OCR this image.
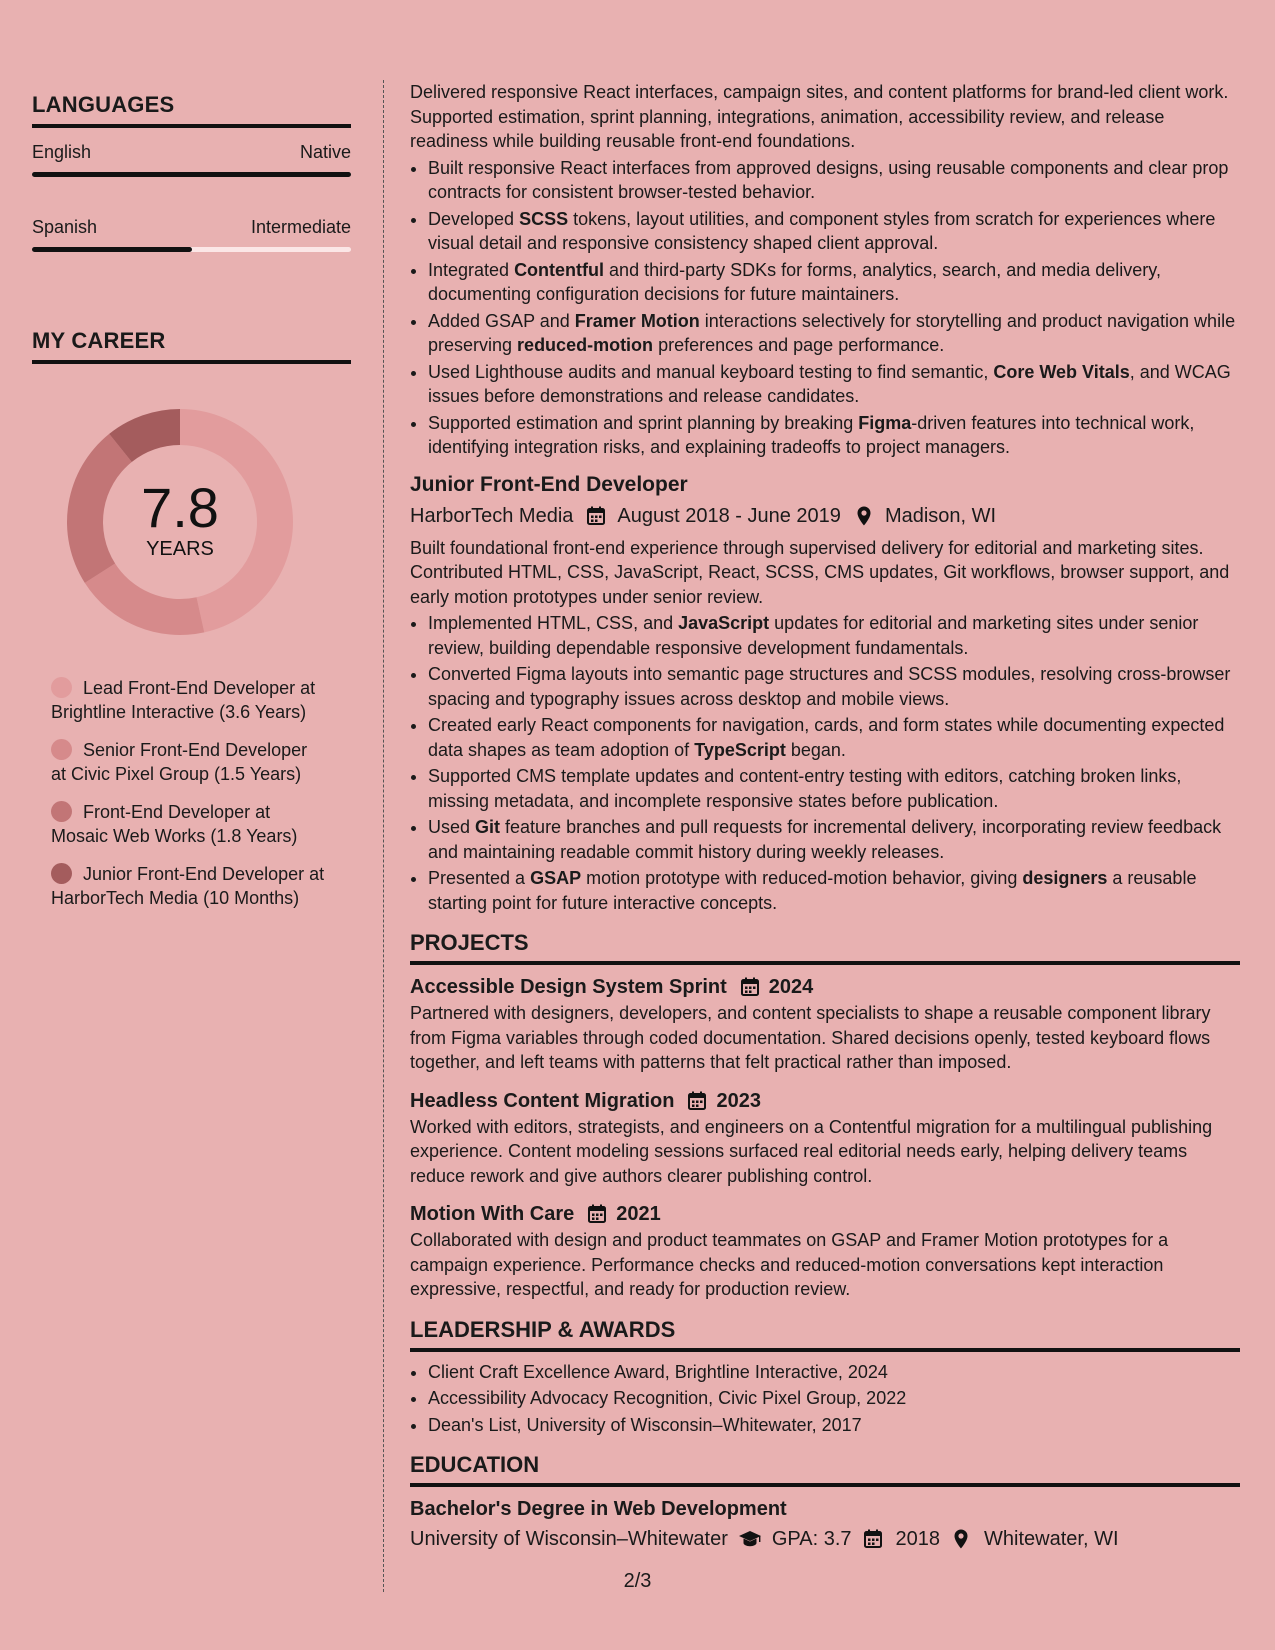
LANGUAGES
English	Native
Spanish	Intermediate
MY CAREER
7.8
YEARS
Lead Front-End Developer at Brightline Interactive (3.6 Years)
Senior Front-End Developer at Civic Pixel Group (1.5 Years)
Front-End Developer at Mosaic Web Works (1.8 Years)
Junior Front-End Developer at HarborTech Media (10 Months)

Delivered responsive React interfaces, campaign sites, and content platforms for brand-led client work. Supported estimation, sprint planning, integrations, animation, accessibility review, and release readiness while building reusable front-end foundations.

• Built responsive React interfaces from approved designs, using reusable components and clear prop contracts for consistent browser-tested behavior.
• Developed SCSS tokens, layout utilities, and component styles from scratch for experiences where visual detail and responsive consistency shaped client approval.
• Integrated Contentful and third-party SDKs for forms, analytics, search, and media delivery, documenting configuration decisions for future maintainers.
• Added GSAP and Framer Motion interactions selectively for storytelling and product navigation while preserving reduced-motion preferences and page performance.
• Used Lighthouse audits and manual keyboard testing to find semantic, Core Web Vitals, and WCAG issues before demonstrations and release candidates.
• Supported estimation and sprint planning by breaking Figma-driven features into technical work, identifying integration risks, and explaining tradeoffs to project managers.
Junior Front-End Developer
HarborTech Media August 2018 - June 2019 Madison, WI

Built foundational front-end experience through supervised delivery for editorial and marketing sites. Contributed HTML, CSS, JavaScript, React, SCSS, CMS updates, Git workflows, browser support, and early motion prototypes under senior review.

• Implemented HTML, CSS, and JavaScript updates for editorial and marketing sites under senior review, building dependable responsive development fundamentals.
• Converted Figma layouts into semantic page structures and SCSS modules, resolving cross-browser spacing and typography issues across desktop and mobile views.
• Created early React components for navigation, cards, and form states while documenting expected data shapes as team adoption of TypeScript began.
• Supported CMS template updates and content-entry testing with editors, catching broken links, missing metadata, and incomplete responsive states before publication.
• Used Git feature branches and pull requests for incremental delivery, incorporating review feedback and maintaining readable commit history during weekly releases.
• Presented a GSAP motion prototype with reduced-motion behavior, giving designers a reusable starting point for future interactive concepts.
PROJECTS
Accessible Design System Sprint 2024

Partnered with designers, developers, and content specialists to shape a reusable component library from Figma variables through coded documentation. Shared decisions openly, tested keyboard flows together, and left teams with patterns that felt practical rather than imposed.

Headless Content Migration 2023

Worked with editors, strategists, and engineers on a Contentful migration for a multilingual publishing experience. Content modeling sessions surfaced real editorial needs early, helping delivery teams reduce rework and give authors clearer publishing control.

Motion With Care 2021

Collaborated with design and product teammates on GSAP and Framer Motion prototypes for a campaign experience. Performance checks and reduced-motion conversations kept interaction expressive, respectful, and ready for production review.

LEADERSHIP & AWARDS
• Client Craft Excellence Award, Brightline Interactive, 2024
• Accessibility Advocacy Recognition, Civic Pixel Group, 2022
• Dean's List, University of Wisconsin–Whitewater, 2017
EDUCATION
Bachelor's Degree in Web Development
University of Wisconsin–Whitewater GPA: 3.7 2018 Whitewater, WI
2/3
